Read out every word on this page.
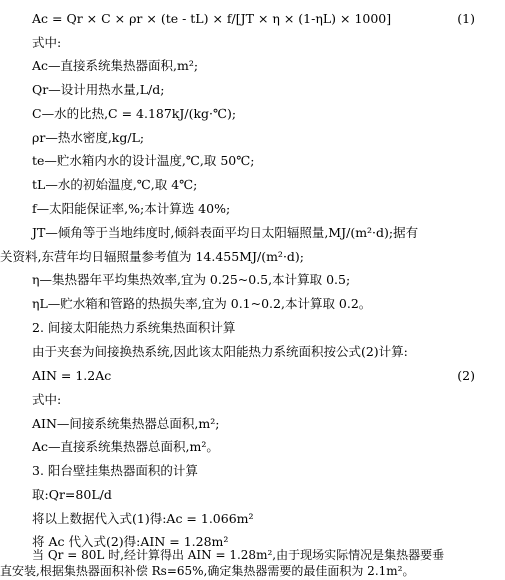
Ac = Qr × C × ρr × (te - tL) × f/[JT × η × (1-ηL) × 1000]	(1)
式中:
Ac—直接系统集热器面积,m²;
Qr—设计用热水量,L/d;
C—水的比热,C = 4.187kJ/(kg·℃);
ρr—热水密度,kg/L;
te—贮水箱内水的设计温度,℃,取 50℃;
tL—水的初始温度,℃,取 4℃;
f—太阳能保证率,%;本计算选 40%;
JT—倾角等于当地纬度时,倾斜表面平均日太阳辐照量,MJ/(m²·d);据有
关资料,东营年均日辐照量参考值为 14.455MJ/(m²·d);
η—集热器年平均集热效率,宜为 0.25~0.5,本计算取 0.5;
ηL—贮水箱和管路的热损失率,宜为 0.1~0.2,本计算取 0.2。
2. 间接太阳能热力系统集热面积计算
由于夹套为间接换热系统,因此该太阳能热力系统面积按公式(2)计算:
AIN = 1.2Ac	(2)
式中:
AIN—间接系统集热器总面积,m²;
Ac—直接系统集热器总面积,m²。
3. 阳台壁挂集热器面积的计算
取:Qr=80L/d
将以上数据代入式(1)得:Ac = 1.066m²
将 Ac 代入式(2)得:AIN = 1.28m²
当 Qr = 80L 时,经计算得出 AIN = 1.28m²,由于现场实际情况是集热器要垂
直安装,根据集热器面积补偿 Rs=65%,确定集热器需要的最佳面积为 2.1m²。
